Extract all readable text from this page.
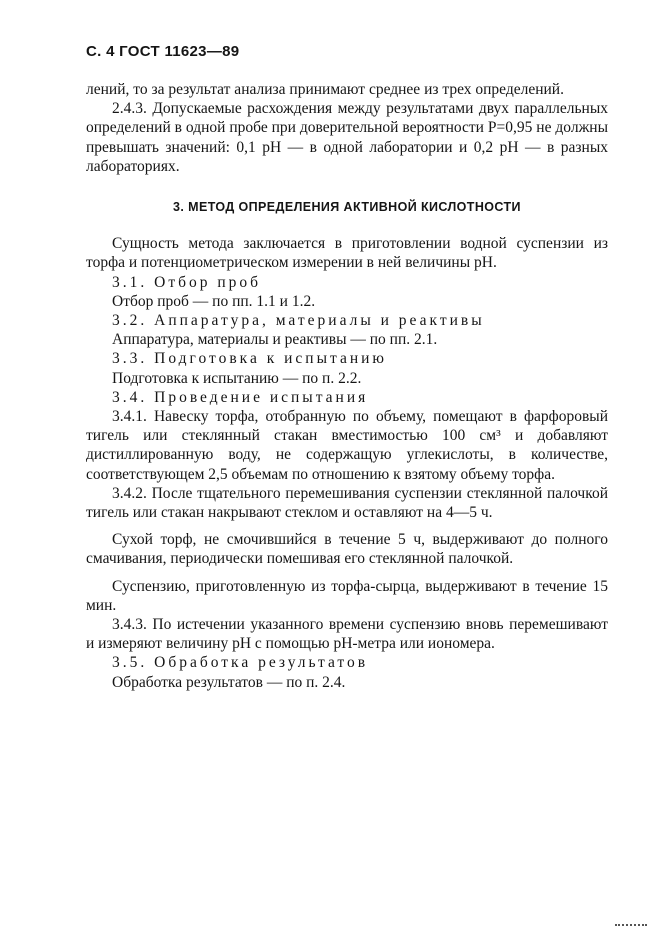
С. 4 ГОСТ 11623—89

лений, то за результат анализа принимают среднее из трех определений.

2.4.3. Допускаемые расхождения между результатами двух параллельных определений в одной пробе при доверительной вероятности P=0,95 не должны превышать значений: 0,1 pH — в одной лаборатории и 0,2 pH — в разных лабораториях.

3. МЕТОД ОПРЕДЕЛЕНИЯ АКТИВНОЙ КИСЛОТНОСТИ

Сущность метода заключается в приготовлении водной суспензии из торфа и потенциометрическом измерении в ней величины pH.

3.1. Отбор проб

Отбор проб — по пп. 1.1 и 1.2.

3.2. Аппаратура, материалы и реактивы

Аппаратура, материалы и реактивы — по пп. 2.1.

3.3. Подготовка к испытанию

Подготовка к испытанию — по п. 2.2.

3.4. Проведение испытания

3.4.1. Навеску торфа, отобранную по объему, помещают в фарфоровый тигель или стеклянный стакан вместимостью 100 см³ и добавляют дистиллированную воду, не содержащую углекислоты, в количестве, соответствующем 2,5 объемам по отношению к взятому объему торфа.

3.4.2. После тщательного перемешивания суспензии стеклянной палочкой тигель или стакан накрывают стеклом и оставляют на 4—5 ч.

Сухой торф, не смочившийся в течение 5 ч, выдерживают до полного смачивания, периодически помешивая его стеклянной палочкой.

Суспензию, приготовленную из торфа-сырца, выдерживают в течение 15 мин.

3.4.3. По истечении указанного времени суспензию вновь перемешивают и измеряют величину pH с помощью pH-метра или иономера.

3.5. Обработка результатов

Обработка результатов — по п. 2.4.
